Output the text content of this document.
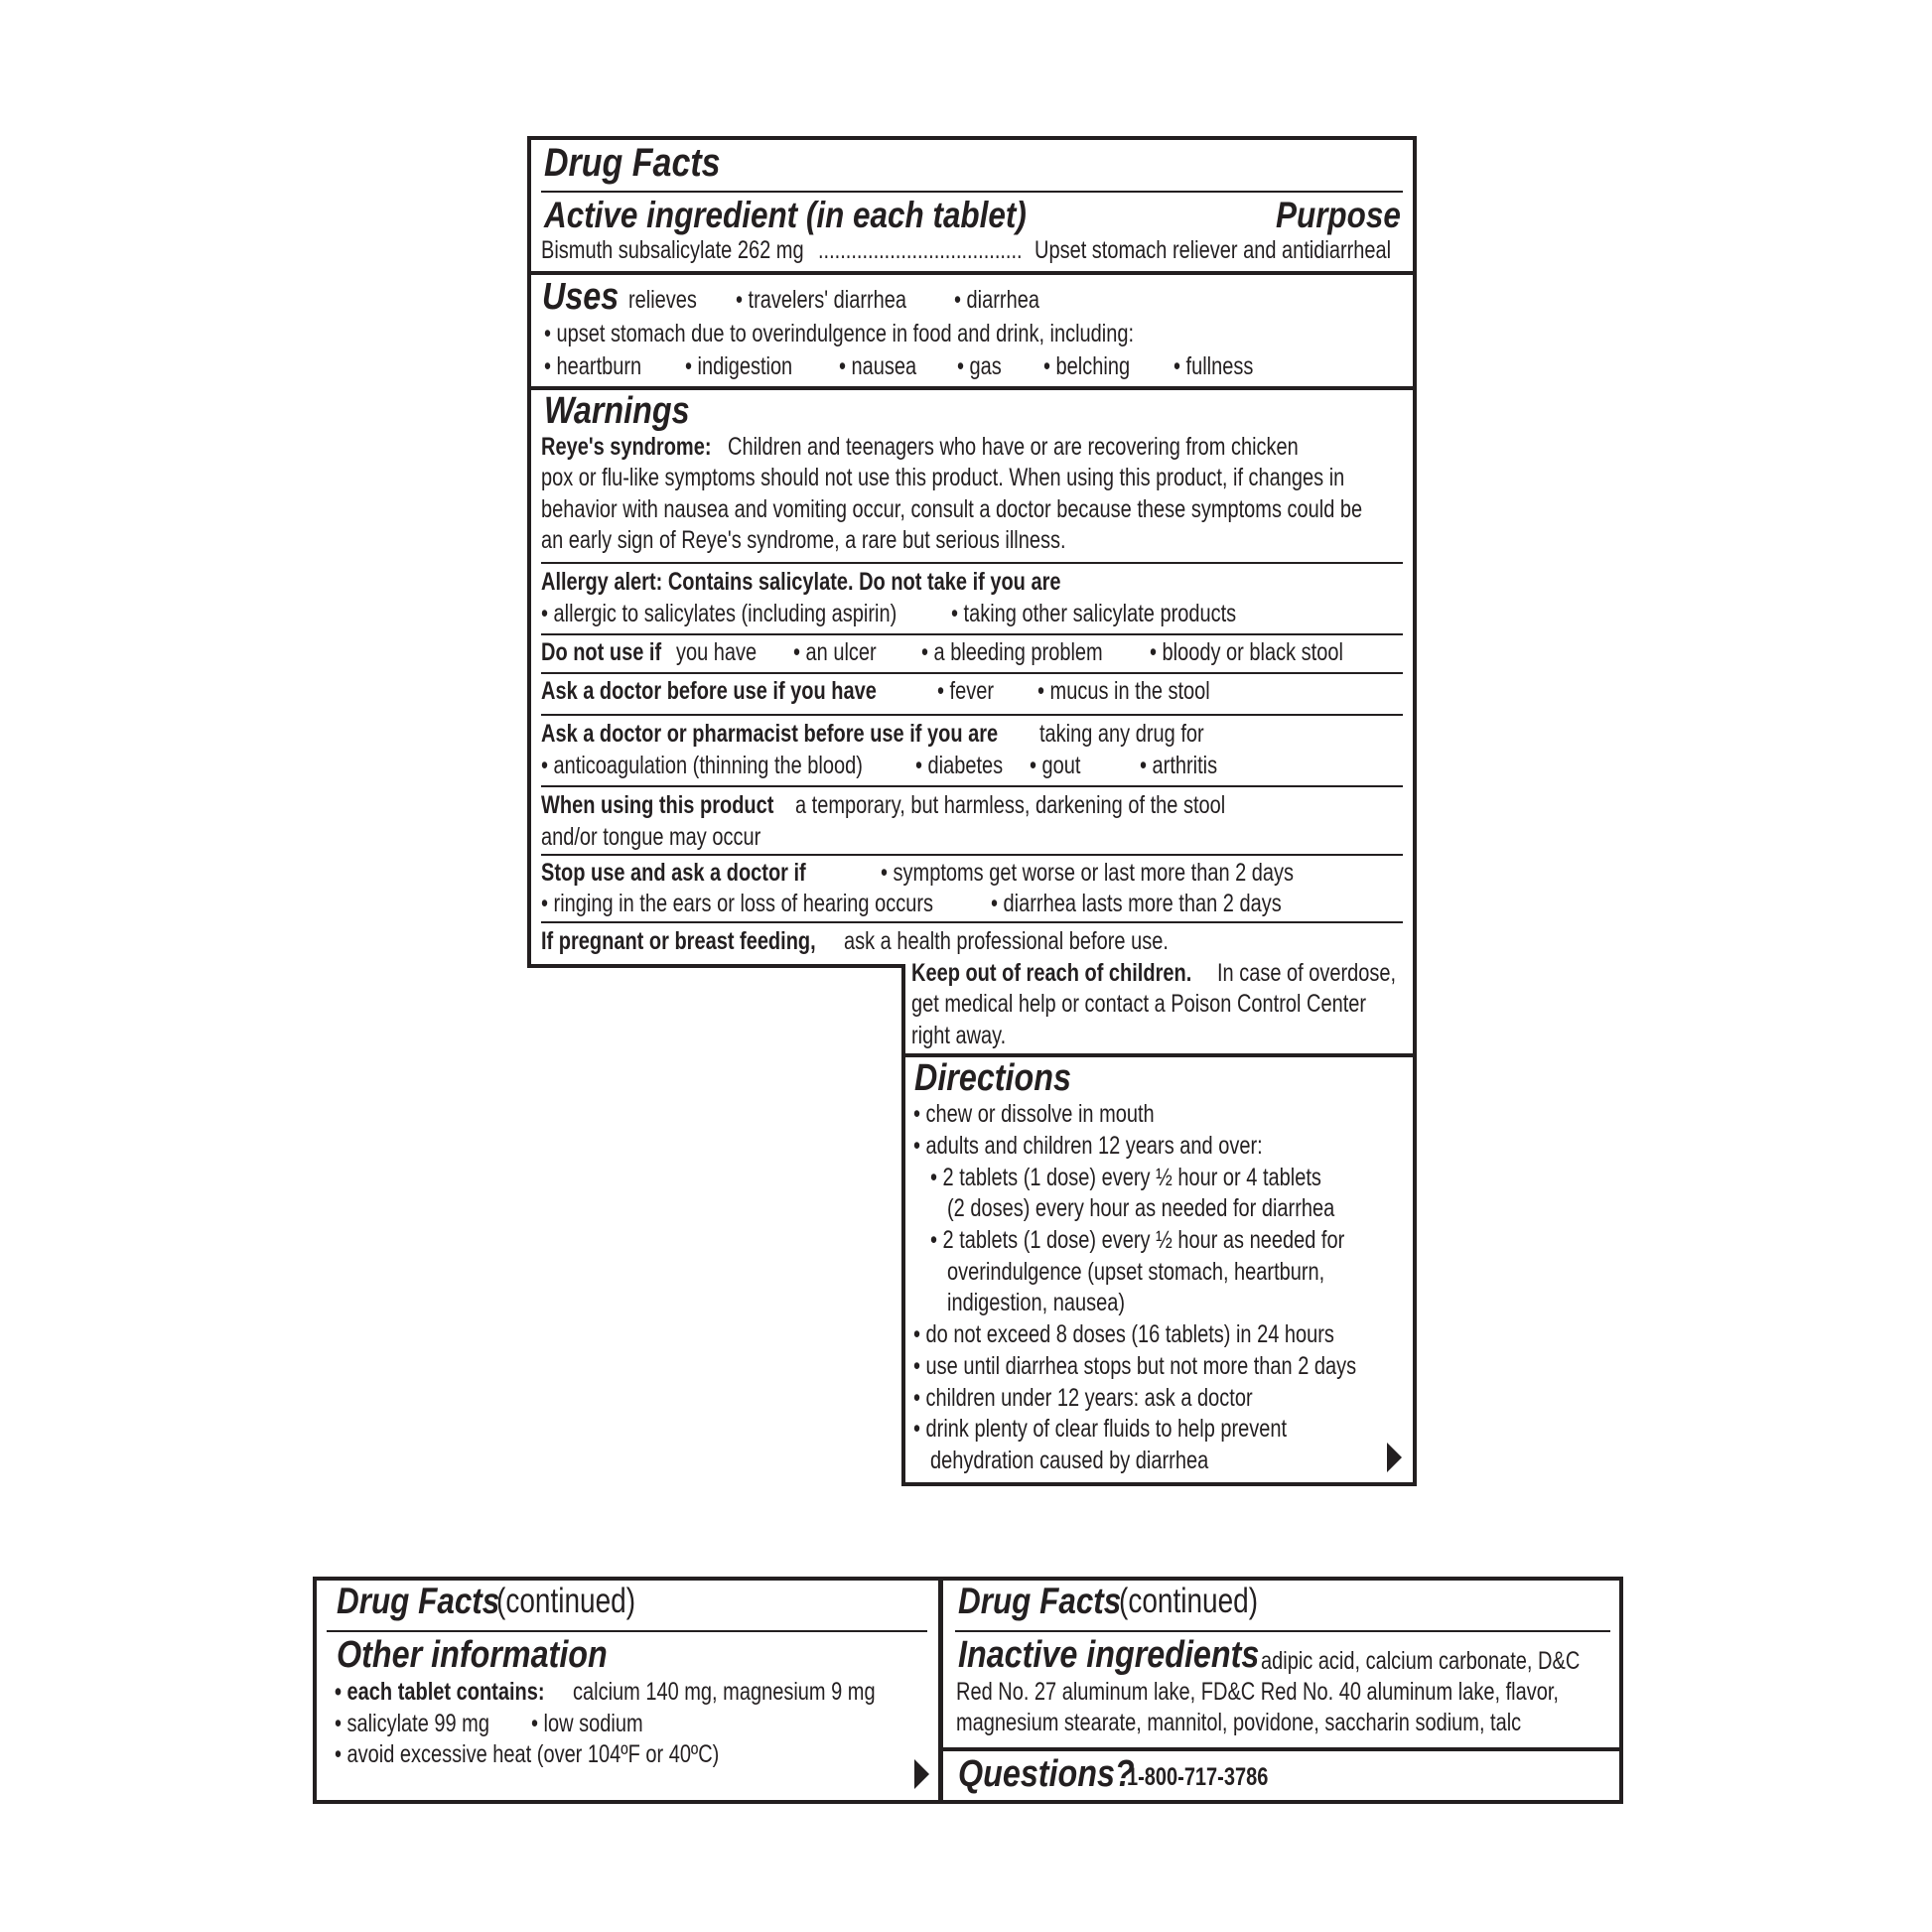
Drug Facts
Active ingredient (in each tablet)	Purpose
Bismuth subsalicylate 262 mg ..................................... Upset stomach reliever and antidiarrheal
Uses relieves • travelers' diarrhea • diarrhea
• upset stomach due to overindulgence in food and drink, including:
• heartburn • indigestion • nausea • gas • belching • fullness
Warnings
Reye's syndrome: Children and teenagers who have or are recovering from chicken
pox or flu-like symptoms should not use this product. When using this product, if changes in
behavior with nausea and vomiting occur, consult a doctor because these symptoms could be
an early sign of Reye's syndrome, a rare but serious illness.
Allergy alert: Contains salicylate. Do not take if you are
• allergic to salicylates (including aspirin) • taking other salicylate products
Do not use if you have • an ulcer • a bleeding problem • bloody or black stool
Ask a doctor before use if you have • fever • mucus in the stool
Ask a doctor or pharmacist before use if you are taking any drug for
• anticoagulation (thinning the blood) • diabetes • gout • arthritis
When using this product a temporary, but harmless, darkening of the stool
and/or tongue may occur
Stop use and ask a doctor if	• symptoms get worse or last more than 2 days
• ringing in the ears or loss of hearing occurs • diarrhea lasts more than 2 days
If pregnant or breast feeding, ask a health professional before use.
Keep out of reach of children. In case of overdose,
get medical help or contact a Poison Control Center
right away.
Directions
• chew or dissolve in mouth
• adults and children 12 years and over:
• 2 tablets (1 dose) every ½ hour or 4 tablets
(2 doses) every hour as needed for diarrhea
• 2 tablets (1 dose) every ½ hour as needed for
overindulgence (upset stomach, heartburn,
indigestion, nausea)
• do not exceed 8 doses (16 tablets) in 24 hours
• use until diarrhea stops but not more than 2 days
• children under 12 years: ask a doctor
• drink plenty of clear fluids to help prevent
dehydration caused by diarrhea
Drug Facts
(continued)
Other information
• each tablet contains: calcium 140 mg, magnesium 9 mg
• salicylate 99 mg • low sodium
• avoid excessive heat (over 104ºF or 40ºC)
Drug Facts
(continued)
Inactive ingredients adipic acid, calcium carbonate, D&C
Red No. 27 aluminum lake, FD&C Red No. 40 aluminum lake, flavor,
magnesium stearate, mannitol, povidone, saccharin sodium, talc
Questions?
1-800-717-3786
